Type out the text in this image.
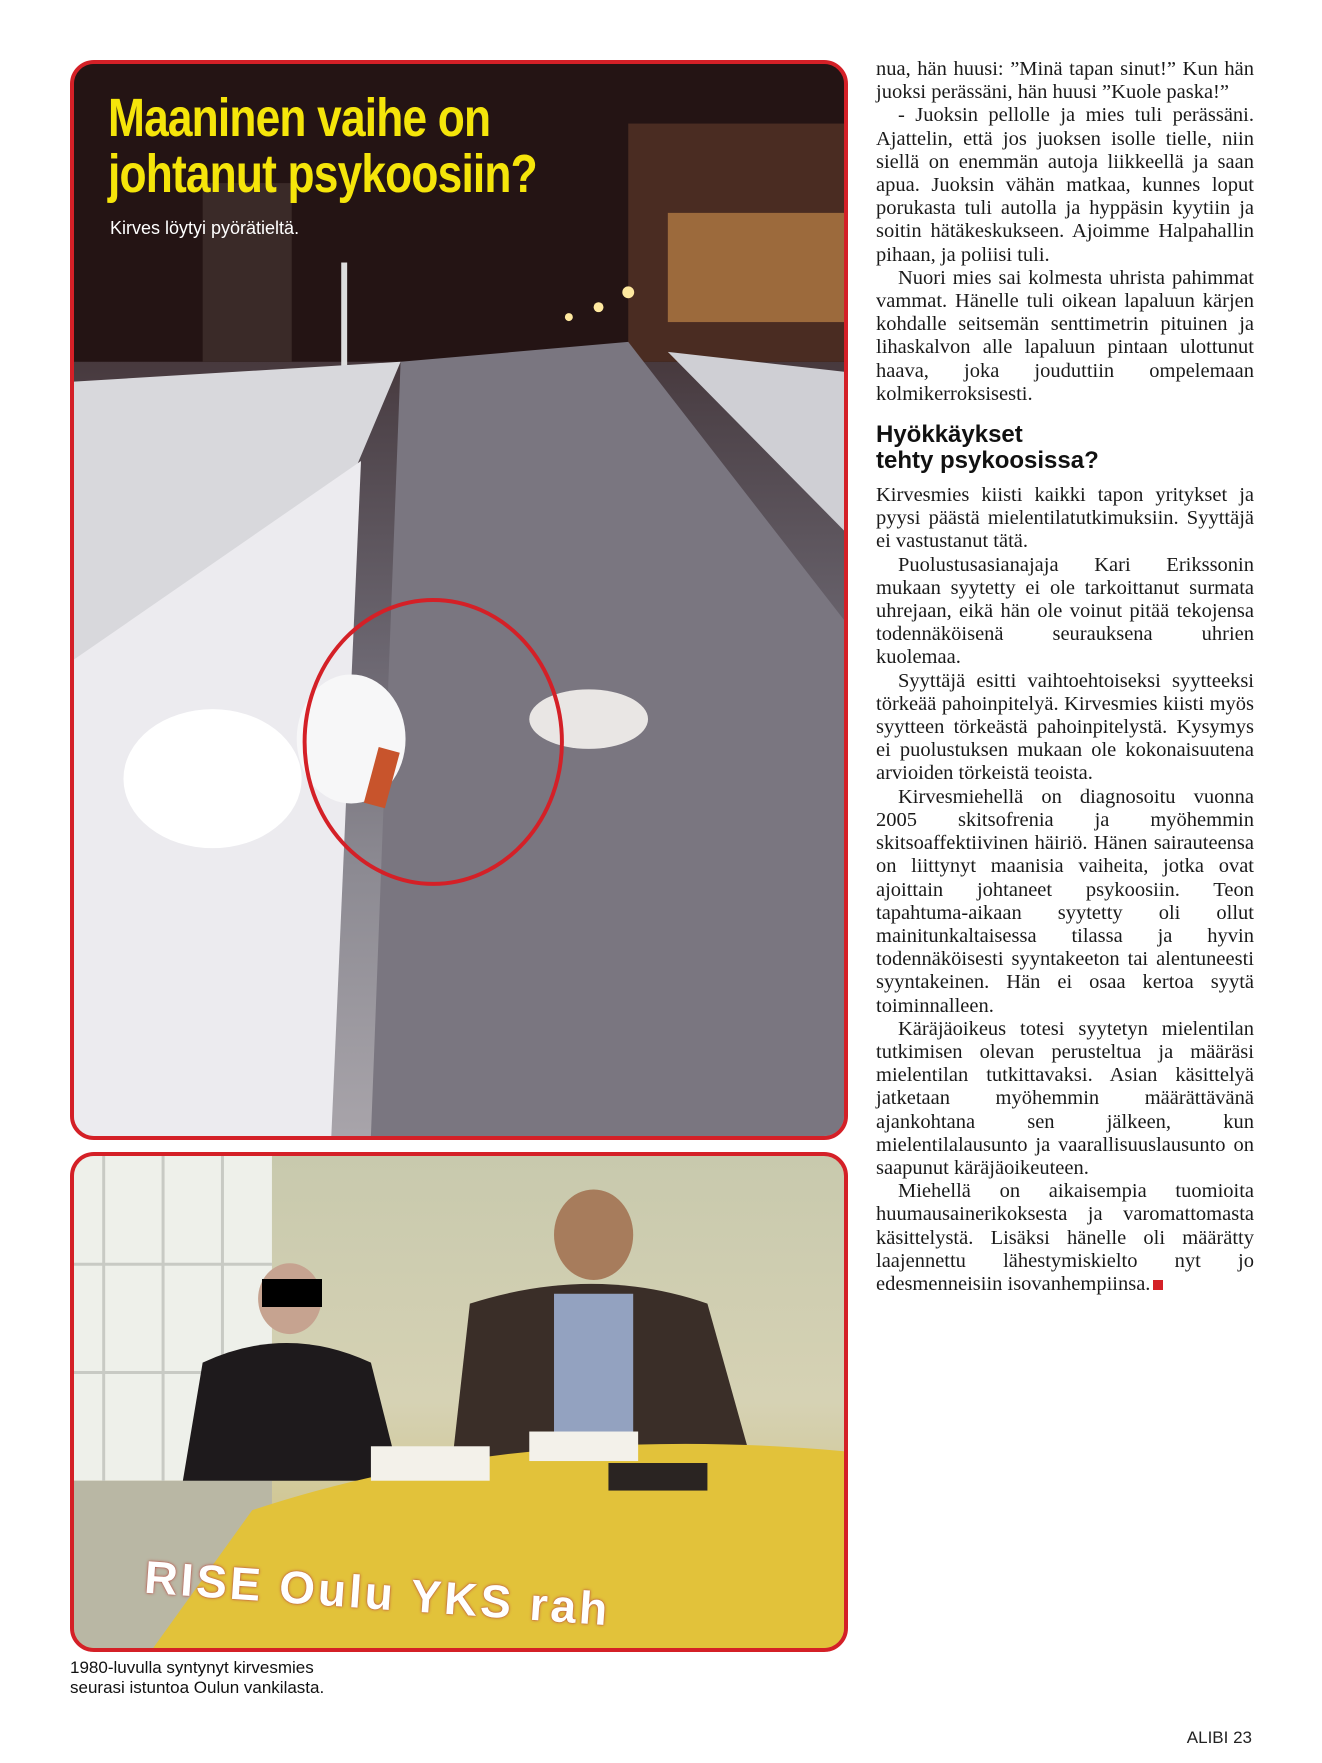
Maaninen vaihe on
johtanut psykoosiin?
Kirves löytyi pyörätieltä.
RISE Oulu YKS rah
1980-luvulla syntynyt kirvesmies
seurasi istuntoa Oulun vankilasta.

nua, hän huusi: ”Minä tapan sinut!” Kun hän juoksi perässäni, hän huusi ”Kuole paska!”

- Juoksin pellolle ja mies tuli perässäni. Ajattelin, että jos juoksen isolle tielle, niin siellä on enemmän autoja liikkeellä ja saan apua. Juoksin vähän matkaa, kunnes loput porukasta tuli autolla ja hyppäsin kyytiin ja soitin hätäkeskukseen. Ajoimme Halpahallin pihaan, ja poliisi tuli.

Nuori mies sai kolmesta uhrista pahimmat vammat. Hänelle tuli oikean lapaluun kärjen kohdalle seitsemän senttimetrin pituinen ja lihaskalvon alle lapaluun pintaan ulottunut haava, joka jouduttiin ompelemaan kolmikerroksisesti.

Hyökkäykset
tehty psykoosissa?

Kirvesmies kiisti kaikki tapon yritykset ja pyysi päästä mielentilatutkimuksiin. Syyttäjä ei vastustanut tätä.

Puolustusasianajaja Kari Erikssonin mukaan syytetty ei ole tarkoittanut surmata uhrejaan, eikä hän ole voinut pitää tekojensa todennäköisenä seurauksena uhrien kuolemaa.

Syyttäjä esitti vaihtoehtoiseksi syytteeksi törkeää pahoinpitelyä. Kirvesmies kiisti myös syytteen törkeästä pahoinpitelystä. Kysymys ei puolustuksen mukaan ole kokonaisuutena arvioiden törkeistä teoista.

Kirvesmiehellä on diagnosoitu vuonna 2005 skitsofrenia ja myöhemmin skitsoaffektiivinen häiriö. Hänen sairauteensa on liittynyt maanisia vaiheita, jotka ovat ajoittain johtaneet psykoosiin. Teon tapahtuma-aikaan syytetty oli ollut mainitunkaltaisessa tilassa ja hyvin todennäköisesti syyntakeeton tai alentuneesti syyntakeinen. Hän ei osaa kertoa syytä toiminnalleen.

Käräjäoikeus totesi syytetyn mielentilan tutkimisen olevan perusteltua ja määräsi mielentilan tutkittavaksi. Asian käsittelyä jatketaan myöhemmin määrättävänä ajankohtana sen jälkeen, kun mielentilalausunto ja vaarallisuuslausunto on saapunut käräjäoikeuteen.

Miehellä on aikaisempia tuomioita huumausainerikoksesta ja varomattomasta käsittelystä. Lisäksi hänelle oli määrätty laajennettu lähestymiskielto nyt jo edesmenneisiin isovanhempiinsa.

ALIBI 23
